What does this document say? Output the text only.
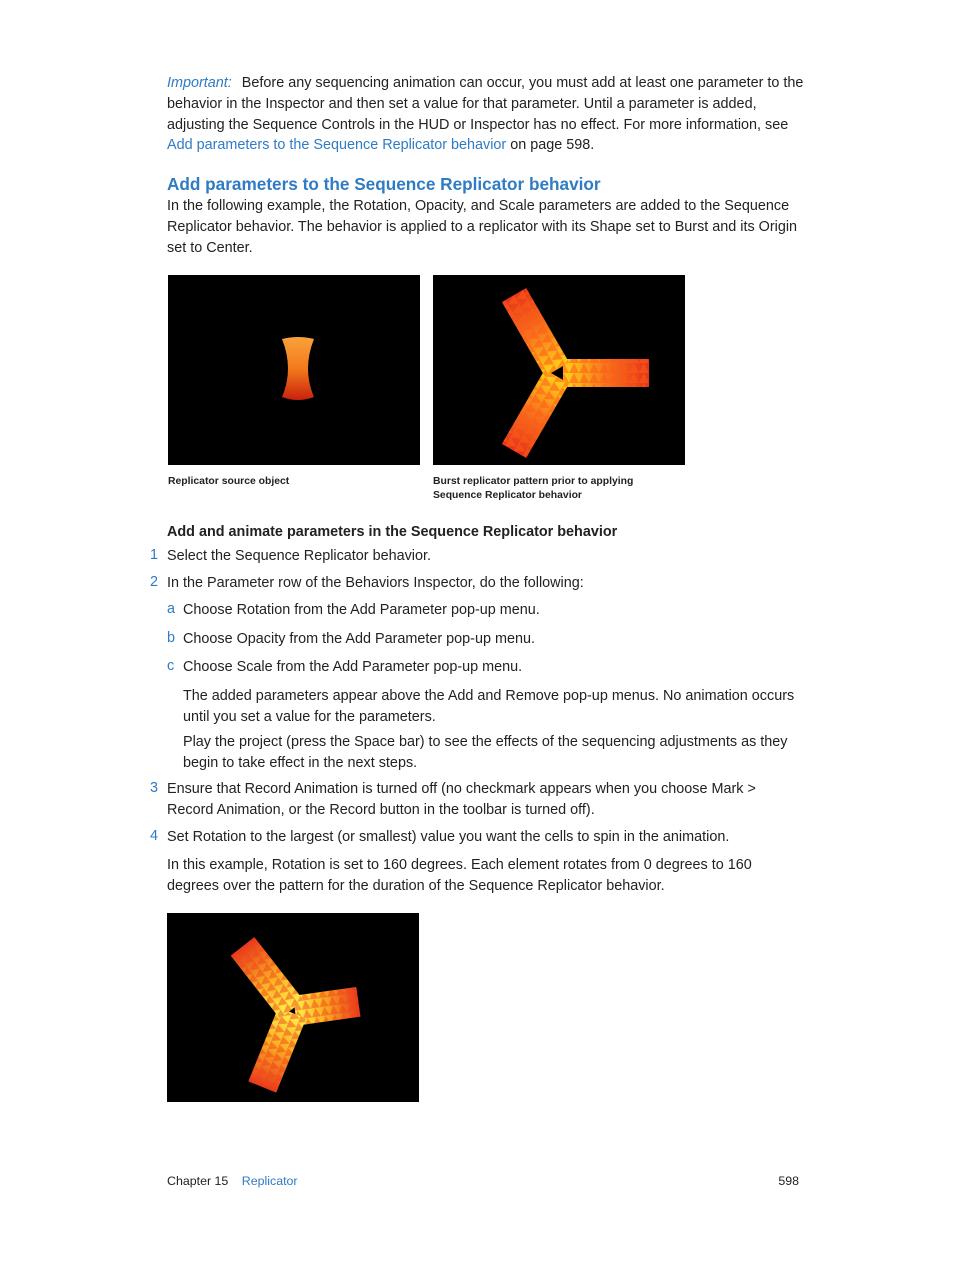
Important: Before any sequencing animation can occur, you must add at least one parameter to the behavior in the Inspector and then set a value for that parameter. Until a parameter is added, adjusting the Sequence Controls in the HUD or Inspector has no effect. For more information, see Add parameters to the Sequence Replicator behavior on page 598.
Add parameters to the Sequence Replicator behavior
In the following example, the Rotation, Opacity, and Scale parameters are added to the Sequence Replicator behavior. The behavior is applied to a replicator with its Shape set to Burst and its Origin set to Center.
Replicator source object	Burst replicator pattern prior to applying
Sequence Replicator behavior
Add and animate parameters in the Sequence Replicator behavior
1 Select the Sequence Replicator behavior.
2 In the Parameter row of the Behaviors Inspector, do the following:
a Choose Rotation from the Add Parameter pop-up menu.
b Choose Opacity from the Add Parameter pop-up menu.
c Choose Scale from the Add Parameter pop-up menu.
The added parameters appear above the Add and Remove pop-up menus. No animation occurs until you set a value for the parameters.
Play the project (press the Space bar) to see the effects of the sequencing adjustments as they begin to take effect in the next steps.
3 Ensure that Record Animation is turned off (no checkmark appears when you choose Mark > Record Animation, or the Record button in the toolbar is turned off).
4 Set Rotation to the largest (or smallest) value you want the cells to spin in the animation.
In this example, Rotation is set to 160 degrees. Each element rotates from 0 degrees to 160 degrees over the pattern for the duration of the Sequence Replicator behavior.
Chapter 15 Replicator	598
